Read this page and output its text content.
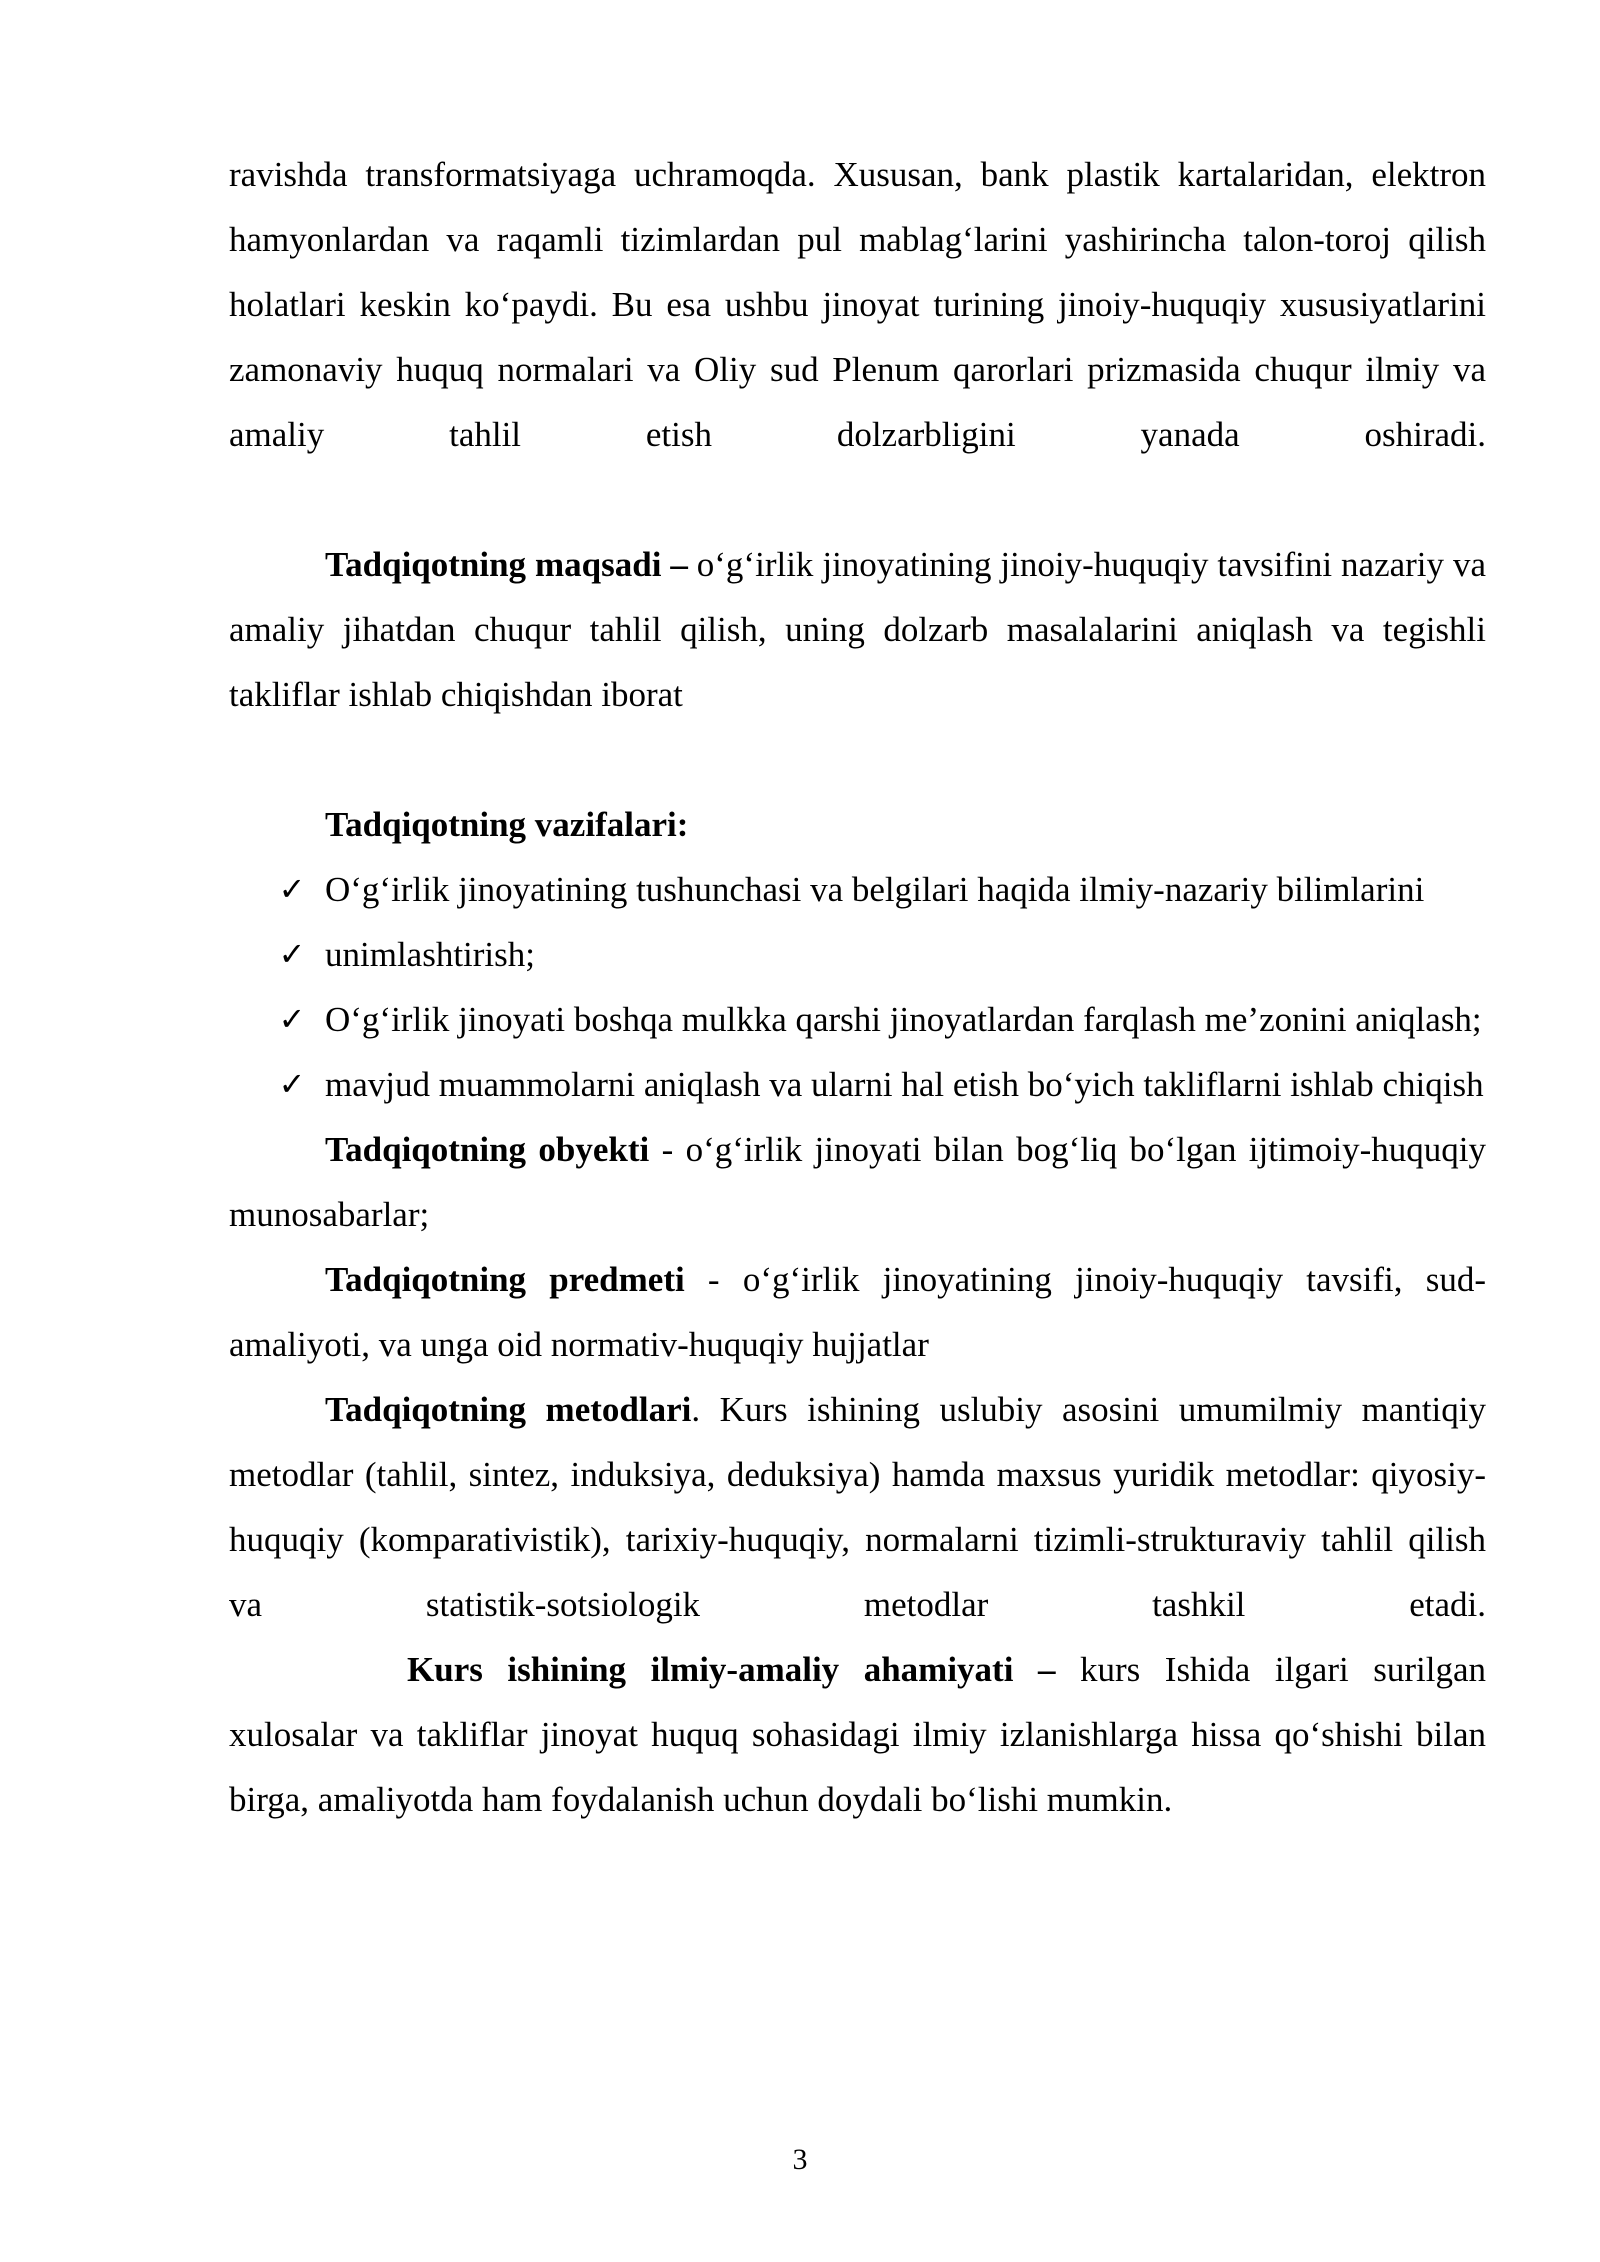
ravishda transformatsiyaga uchramoqda. Xususan, bank plastik kartalaridan, elektron hamyonlardan va raqamli tizimlardan pul mablag‘larini yashirincha talon-toroj qilish holatlari keskin ko‘paydi. Bu esa ushbu jinoyat turining jinoiy-huquqiy xususiyatlarini zamonaviy huquq normalari va Oliy sud Plenum qarorlari prizmasida chuqur ilmiy va amaliy tahlil etish dolzarbligini yanada oshiradi.

Tadqiqotning maqsadi – o‘g‘irlik jinoyatining jinoiy-huquqiy tavsifini nazariy va amaliy jihatdan chuqur tahlil qilish, uning dolzarb masalalarini aniqlash va tegishli takliflar ishlab chiqishdan iborat

Tadqiqotning vazifalari:

✓ O‘g‘irlik jinoyatining tushunchasi va belgilari haqida ilmiy-nazariy bilimlarini
✓ unimlashtirish;
✓ O‘g‘irlik jinoyati boshqa mulkka qarshi jinoyatlardan farqlash me’zonini aniqlash;
✓ mavjud muammolarni aniqlash va ularni hal etish bo‘yich takliflarni ishlab chiqish

Tadqiqotning obyekti - o‘g‘irlik jinoyati bilan bog‘liq bo‘lgan ijtimoiy-huquqiy munosabarlar;

Tadqiqotning predmeti - o‘g‘irlik jinoyatining jinoiy-huquqiy tavsifi, sud-amaliyoti, va unga oid normativ-huquqiy hujjatlar

Tadqiqotning metodlari. Kurs ishining uslubiy asosini umumilmiy mantiqiy metodlar (tahlil, sintez, induksiya, deduksiya) hamda maxsus yuridik metodlar: qiyosiy-huquqiy (komparativistik), tarixiy-huquqiy, normalarni tizimli-strukturaviy tahlil qilish va statistik-sotsiologik metodlar tashkil etadi.

Kurs ishining ilmiy-amaliy ahamiyati – kurs Ishida ilgari surilgan xulosalar va takliflar jinoyat huquq sohasidagi ilmiy izlanishlarga hissa qo‘shishi bilan birga, amaliyotda ham foydalanish uchun doydali bo‘lishi mumkin.

3
